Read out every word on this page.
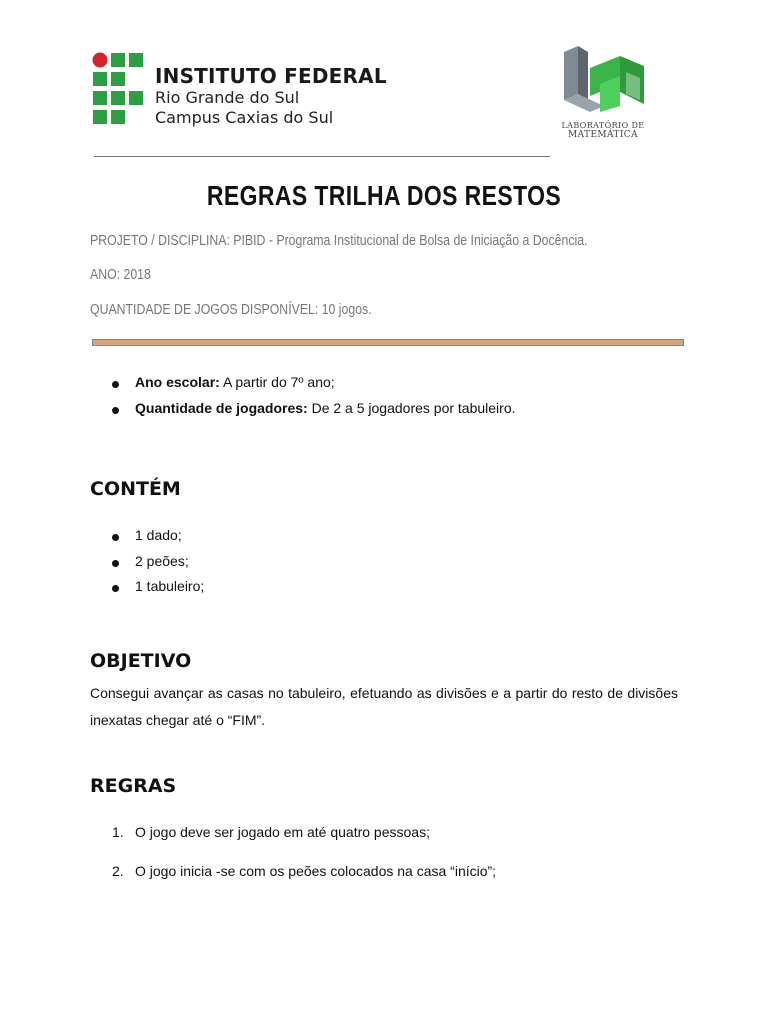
INSTITUTO FEDERAL
Rio Grande do Sul
Campus Caxias do Sul	LABORATÓRIO DE
MATEMÁTICA
REGRAS TRILHA DOS RESTOS
PROJETO / DISCIPLINA: PIBID - Programa Institucional de Bolsa de Iniciação a Docência.
ANO: 2018
QUANTIDADE DE JOGOS DISPONÍVEL: 10 jogos.
Ano escolar: A partir do 7º ano;
Quantidade de jogadores: De 2 a 5 jogadores por tabuleiro.
CONTÉM
1 dado;
2 peões;
1 tabuleiro;
OBJETIVO
Consegui avançar as casas no tabuleiro, efetuando as divisões e a partir do resto de divisões inexatas chegar até o “FIM”.
REGRAS
1. O jogo deve ser jogado em até quatro pessoas;
2. O jogo inicia -se com os peões colocados na casa “início”;
